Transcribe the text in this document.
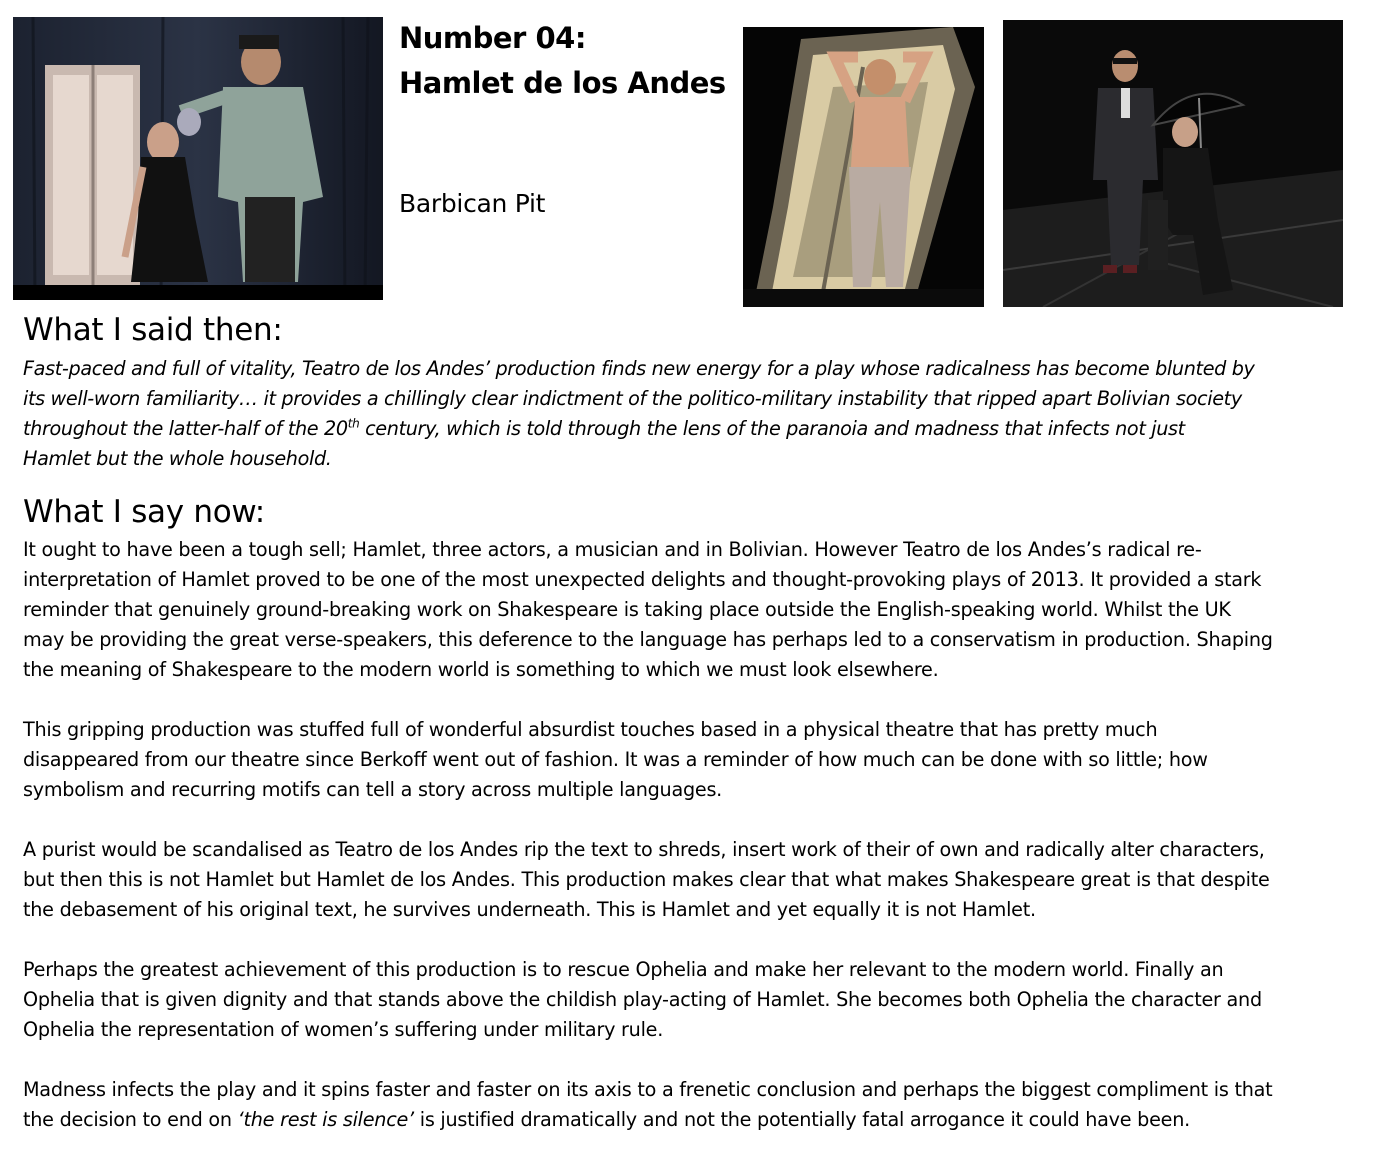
Number 04:
Hamlet de los Andes
Barbican Pit
What I said then:
Fast-paced and full of vitality, Teatro de los Andes’ production finds new energy for a play whose radicalness has become blunted by
its well-worn familiarity… it provides a chillingly clear indictment of the politico-military instability that ripped apart Bolivian society
throughout the latter-half of the 20th century, which is told through the lens of the paranoia and madness that infects not just
Hamlet but the whole household.
What I say now:
It ought to have been a tough sell; Hamlet, three actors, a musician and in Bolivian. However Teatro de los Andes’s radical re-
interpretation of Hamlet proved to be one of the most unexpected delights and thought-provoking plays of 2013. It provided a stark
reminder that genuinely ground-breaking work on Shakespeare is taking place outside the English-speaking world. Whilst the UK
may be providing the great verse-speakers, this deference to the language has perhaps led to a conservatism in production. Shaping
the meaning of Shakespeare to the modern world is something to which we must look elsewhere.
This gripping production was stuffed full of wonderful absurdist touches based in a physical theatre that has pretty much
disappeared from our theatre since Berkoff went out of fashion. It was a reminder of how much can be done with so little; how
symbolism and recurring motifs can tell a story across multiple languages.
A purist would be scandalised as Teatro de los Andes rip the text to shreds, insert work of their of own and radically alter characters,
but then this is not Hamlet but Hamlet de los Andes. This production makes clear that what makes Shakespeare great is that despite
the debasement of his original text, he survives underneath. This is Hamlet and yet equally it is not Hamlet.
Perhaps the greatest achievement of this production is to rescue Ophelia and make her relevant to the modern world. Finally an
Ophelia that is given dignity and that stands above the childish play-acting of Hamlet. She becomes both Ophelia the character and
Ophelia the representation of women’s suffering under military rule.
Madness infects the play and it spins faster and faster on its axis to a frenetic conclusion and perhaps the biggest compliment is that
the decision to end on ‘the rest is silence’ is justified dramatically and not the potentially fatal arrogance it could have been.
